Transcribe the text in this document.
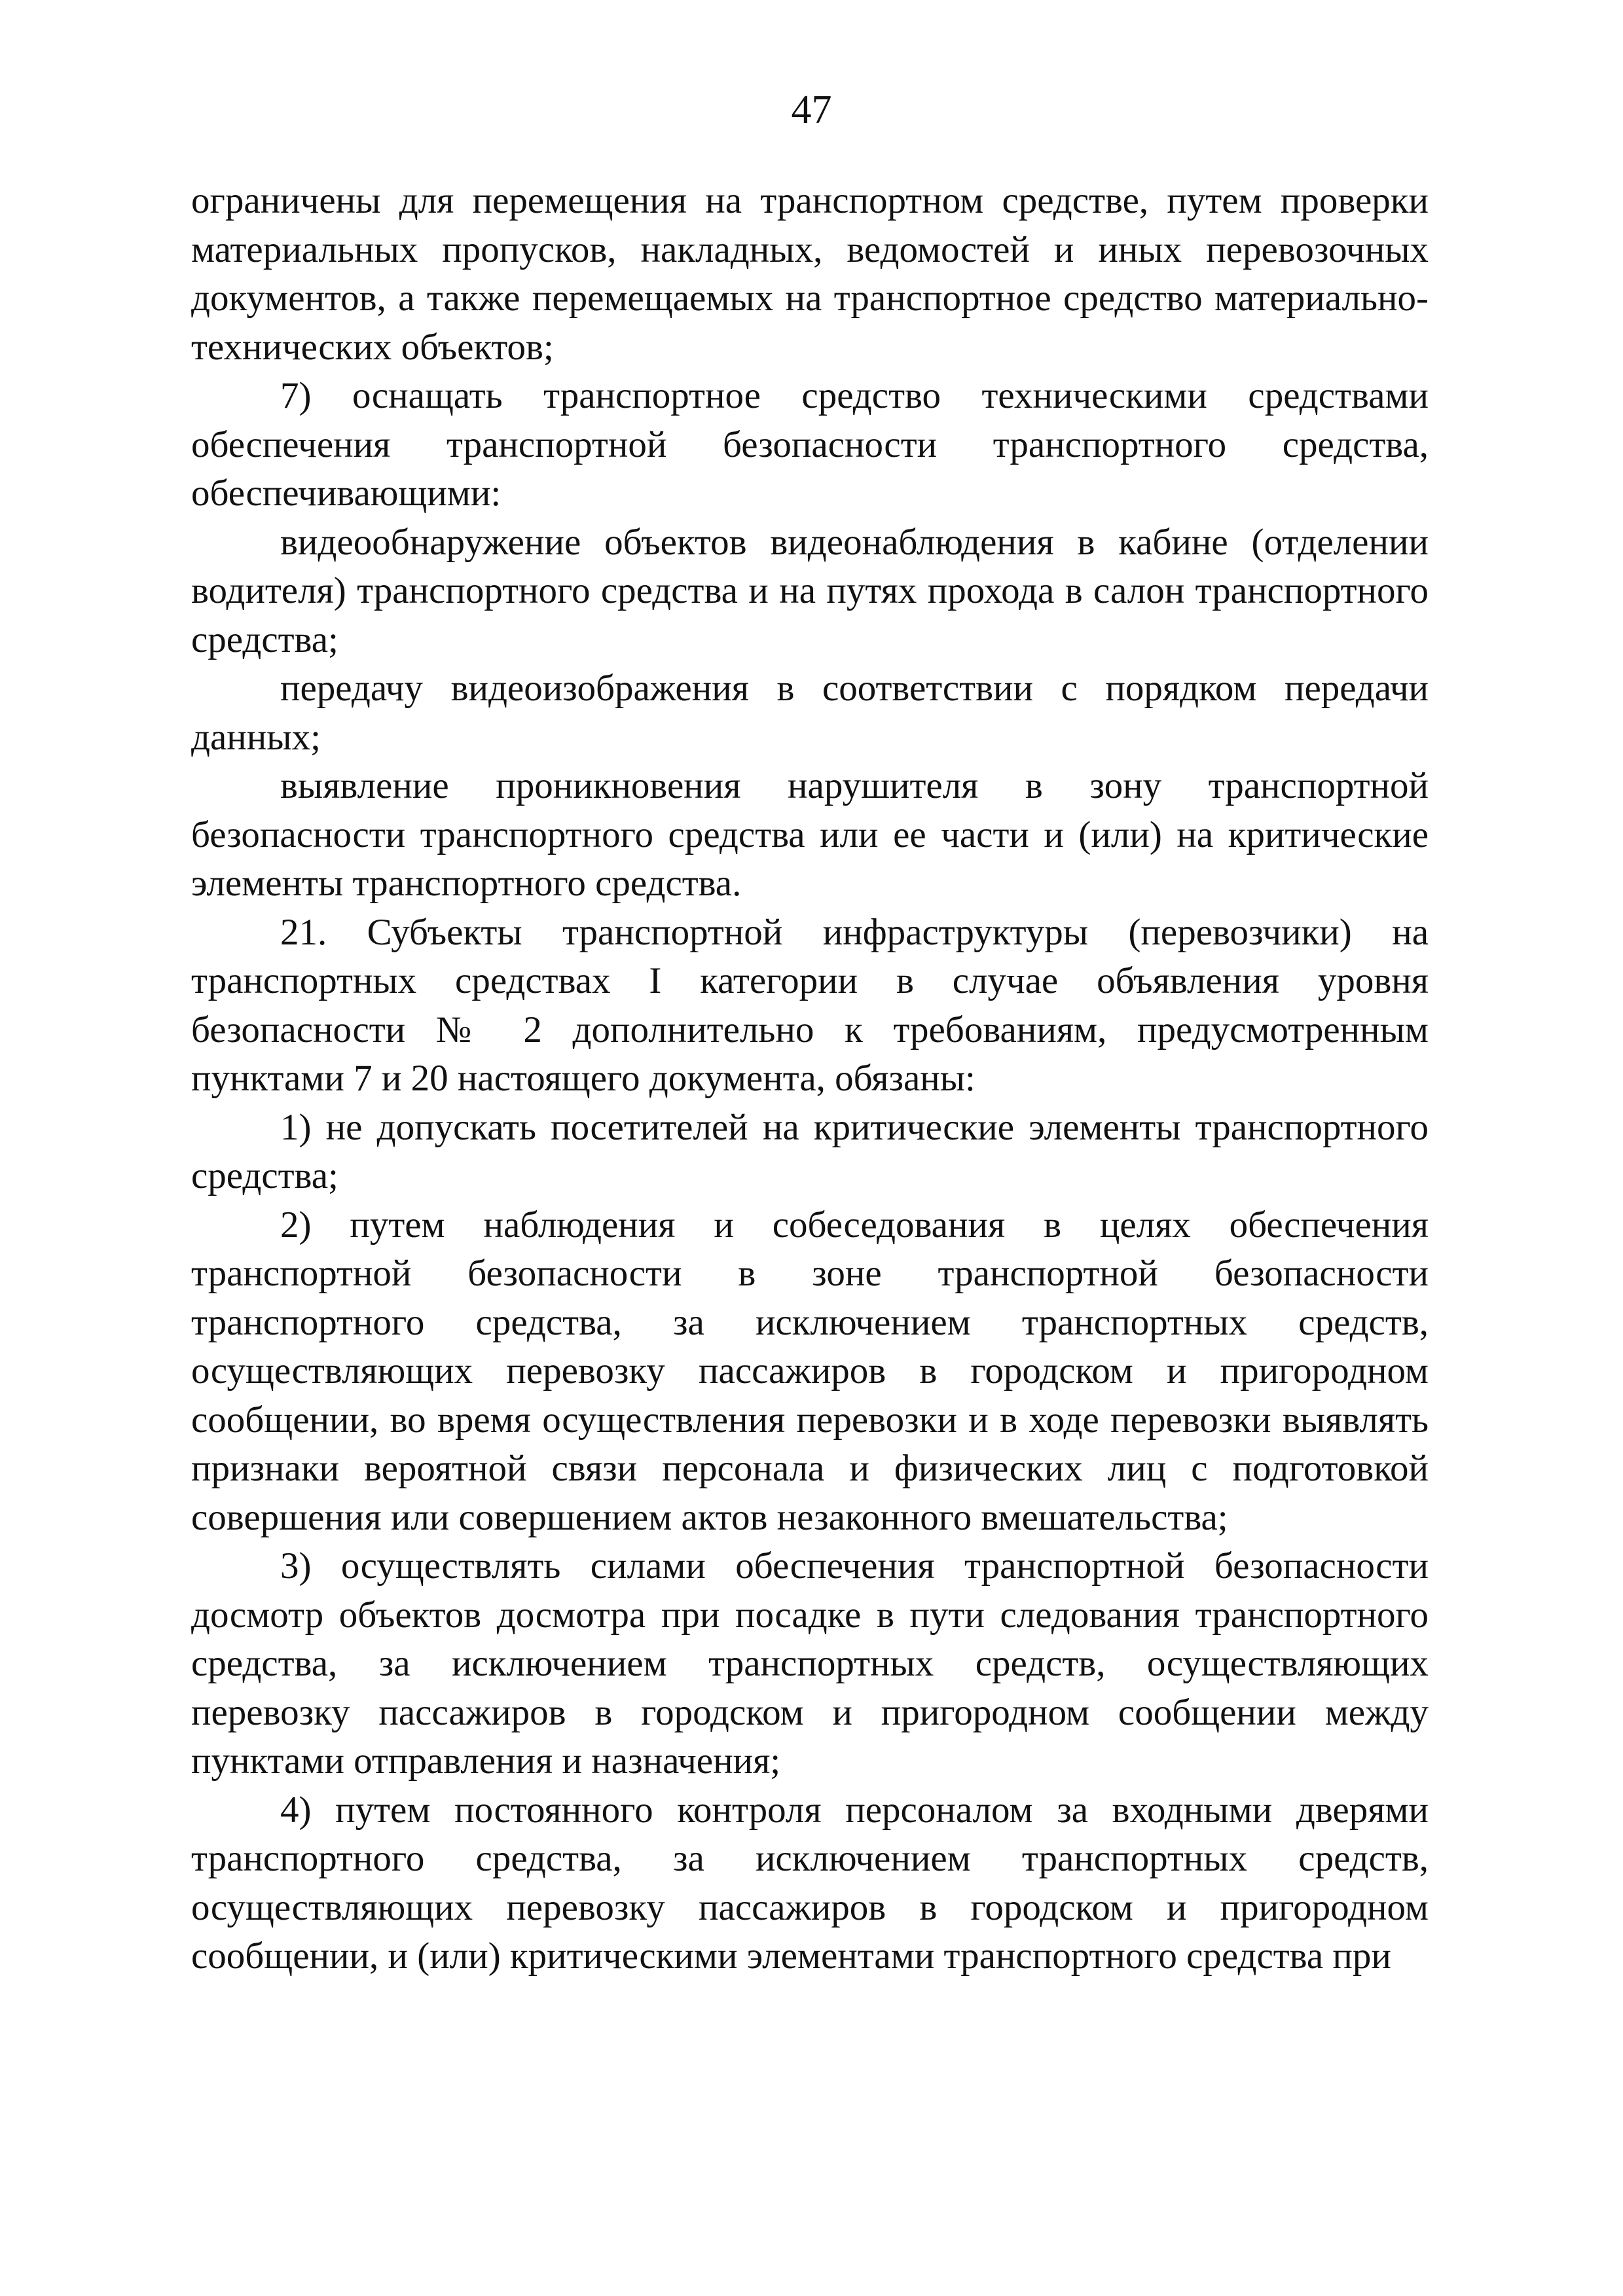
47

ограничены для перемещения на транспортном средстве, путем проверки материальных пропусков, накладных, ведомостей и иных перевозочных документов, а также перемещаемых на транспортное средство материально-технических объектов;

7) оснащать транспортное средство техническими средствами обеспечения транспортной безопасности транспортного средства, обеспечивающими:

видеообнаружение объектов видеонаблюдения в кабине (отделении водителя) транспортного средства и на путях прохода в салон транспортного средства;

передачу видеоизображения в соответствии с порядком передачи данных;

выявление проникновения нарушителя в зону транспортной безопасности транспортного средства или ее части и (или) на критические элементы транспортного средства.

21. Субъекты транспортной инфраструктуры (перевозчики) на транспортных средствах I категории в случае объявления уровня безопасности № 2 дополнительно к требованиям, предусмотренным пунктами 7 и 20 настоящего документа, обязаны:

1) не допускать посетителей на критические элементы транспортного средства;

2) путем наблюдения и собеседования в целях обеспечения транспортной безопасности в зоне транспортной безопасности транспортного средства, за исключением транспортных средств, осуществляющих перевозку пассажиров в городском и пригородном сообщении, во время осуществления перевозки и в ходе перевозки выявлять признаки вероятной связи персонала и физических лиц с подготовкой совершения или совершением актов незаконного вмешательства;

3) осуществлять силами обеспечения транспортной безопасности досмотр объектов досмотра при посадке в пути следования транспортного средства, за исключением транспортных средств, осуществляющих перевозку пассажиров в городском и пригородном сообщении между пунктами отправления и назначения;

4) путем постоянного контроля персоналом за входными дверями транспортного средства, за исключением транспортных средств, осуществляющих перевозку пассажиров в городском и пригородном сообщении, и (или) критическими элементами транспортного средства при
